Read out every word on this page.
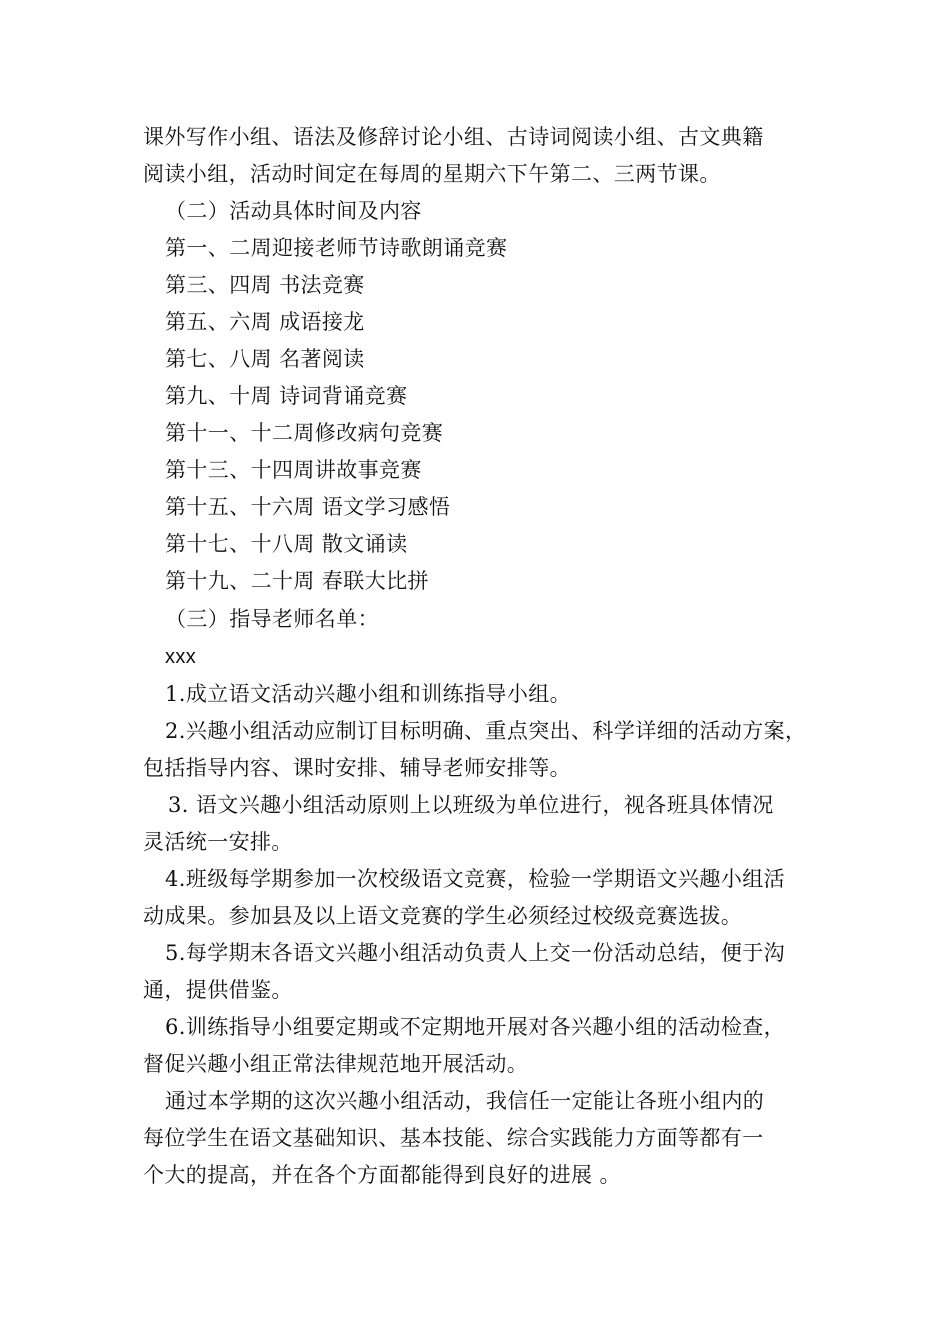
课外写作小组、语法及修辞讨论小组、古诗词阅读小组、古文典籍
阅读小组，活动时间定在每周的星期六下午第二、三两节课。
（二）活动具体时间及内容
第一、二周迎接老师节诗歌朗诵竞赛
第三、四周 书法竞赛
第五、六周 成语接龙
第七、八周 名著阅读
第九、十周 诗词背诵竞赛
第十一、十二周修改病句竞赛
第十三、十四周讲故事竞赛
第十五、十六周 语文学习感悟
第十七、十八周 散文诵读
第十九、二十周 春联大比拼
（三）指导老师名单：
xxx
1.成立语文活动兴趣小组和训练指导小组。
2.兴趣小组活动应制订目标明确、重点突出、科学详细的活动方案，
包括指导内容、课时安排、辅导老师安排等。
3. 语文兴趣小组活动原则上以班级为单位进行，视各班具体情况
灵活统一安排。
4.班级每学期参加一次校级语文竞赛，检验一学期语文兴趣小组活
动成果。参加县及以上语文竞赛的学生必须经过校级竞赛选拔。
5.每学期末各语文兴趣小组活动负责人上交一份活动总结，便于沟
通，提供借鉴。
6.训练指导小组要定期或不定期地开展对各兴趣小组的活动检查，
督促兴趣小组正常法律规范地开展活动。
通过本学期的这次兴趣小组活动，我信任一定能让各班小组内的
每位学生在语文基础知识、基本技能、综合实践能力方面等都有一
个大的提高，并在各个方面都能得到良好的进展 。
